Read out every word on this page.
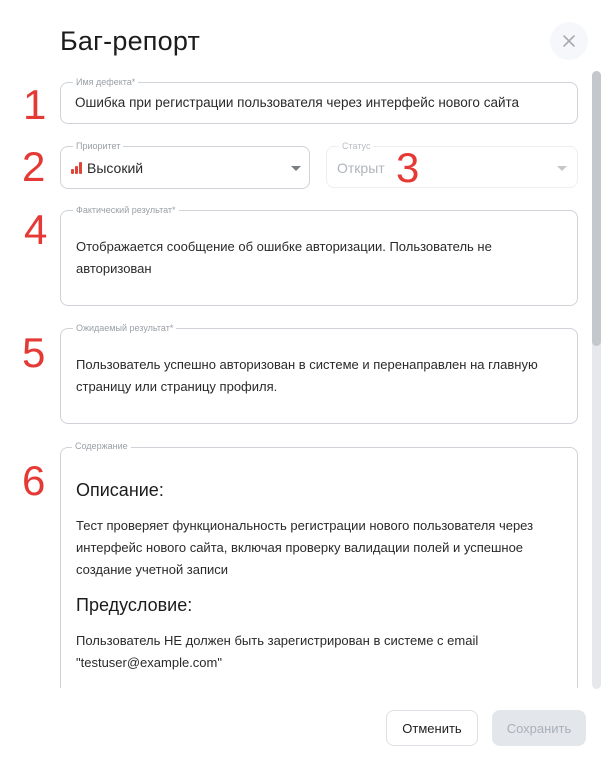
Баг-репорт
Имя дефекта*
Ошибка при регистрации пользователя через интерфейс нового сайта
Приоритет
Высокий
Статус
Открыт
Фактический результат*
Отображается сообщение об ошибке авторизации. Пользователь не авторизован
Ожидаемый результат*
Пользователь успешно авторизован в системе и перенаправлен на главную страницу или страницу профиля.
Описание:
Тест проверяет функциональность регистрации нового пользователя через интерфейс нового сайта, включая проверку валидации полей и успешное создание учетной записи
Предусловие:
Пользователь НЕ должен быть зарегистрирован в системе с email "testuser@example.com"
Содержание
1
2	3
4
5
6
Отменить	Сохранить
